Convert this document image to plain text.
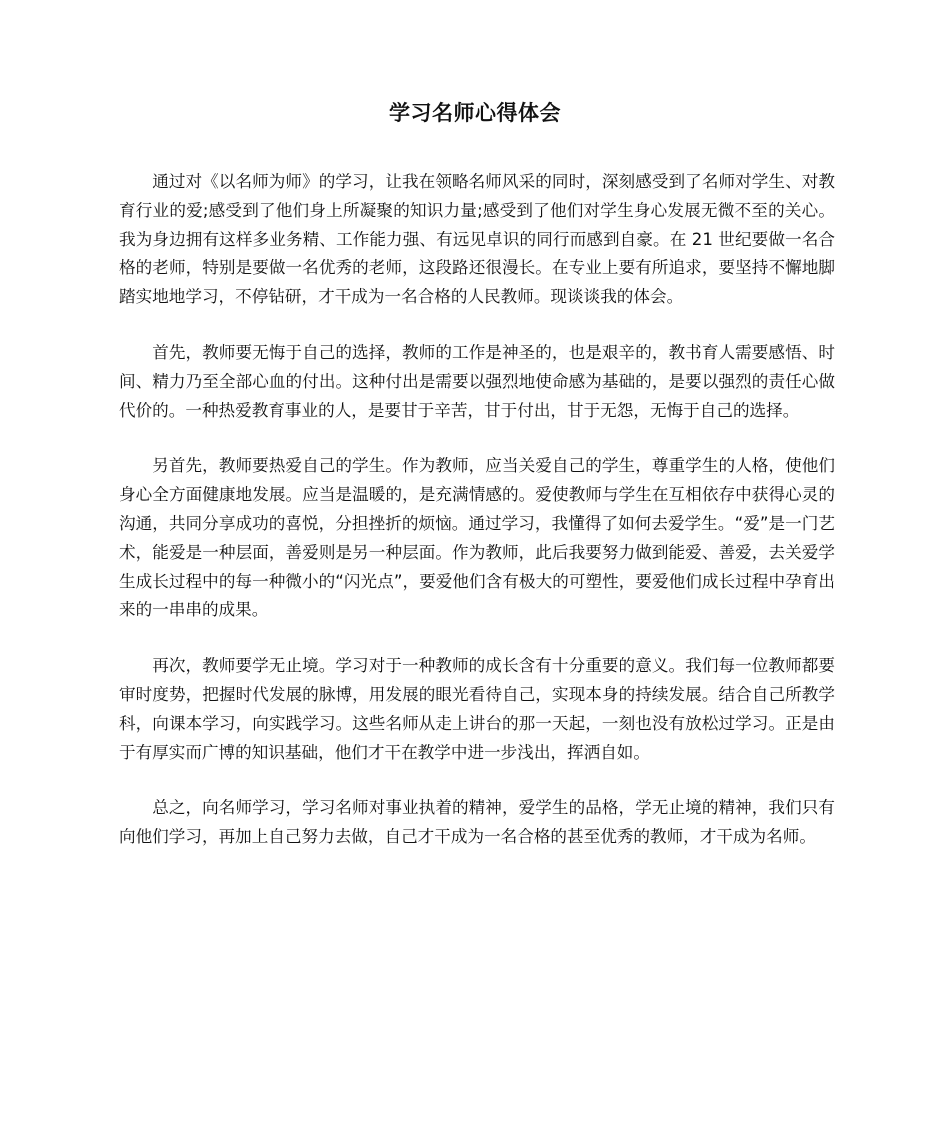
学习名师心得体会

通过对《以名师为师》的学习，让我在领略名师风采的同时，深刻感受到了名师对学生、对教育行业的爱;感受到了他们身上所凝聚的知识力量;感受到了他们对学生身心发展无微不至的关心。我为身边拥有这样多业务精、工作能力强、有远见卓识的同行而感到自豪。在 21 世纪要做一名合格的老师，特别是要做一名优秀的老师，这段路还很漫长。在专业上要有所追求，要坚持不懈地脚踏实地地学习，不停钻研，才干成为一名合格的人民教师。现谈谈我的体会。

首先，教师要无悔于自己的选择，教师的工作是神圣的，也是艰辛的，教书育人需要感悟、时间、精力乃至全部心血的付出。这种付出是需要以强烈地使命感为基础的，是要以强烈的责任心做代价的。一种热爱教育事业的人，是要甘于辛苦，甘于付出，甘于无怨，无悔于自己的选择。

另首先，教师要热爱自己的学生。作为教师，应当关爱自己的学生，尊重学生的人格，使他们身心全方面健康地发展。应当是温暖的，是充满情感的。爱使教师与学生在互相依存中获得心灵的沟通，共同分享成功的喜悦，分担挫折的烦恼。通过学习，我懂得了如何去爱学生。“爱”是一门艺术，能爱是一种层面，善爱则是另一种层面。作为教师，此后我要努力做到能爱、善爱，去关爱学生成长过程中的每一种微小的“闪光点”，要爱他们含有极大的可塑性，要爱他们成长过程中孕育出来的一串串的成果。

再次，教师要学无止境。学习对于一种教师的成长含有十分重要的意义。我们每一位教师都要审时度势，把握时代发展的脉博，用发展的眼光看待自己，实现本身的持续发展。结合自己所教学科，向课本学习，向实践学习。这些名师从走上讲台的那一天起，一刻也没有放松过学习。正是由于有厚实而广博的知识基础，他们才干在教学中进一步浅出，挥洒自如。

总之，向名师学习，学习名师对事业执着的精神，爱学生的品格，学无止境的精神，我们只有向他们学习，再加上自己努力去做，自己才干成为一名合格的甚至优秀的教师，才干成为名师。
